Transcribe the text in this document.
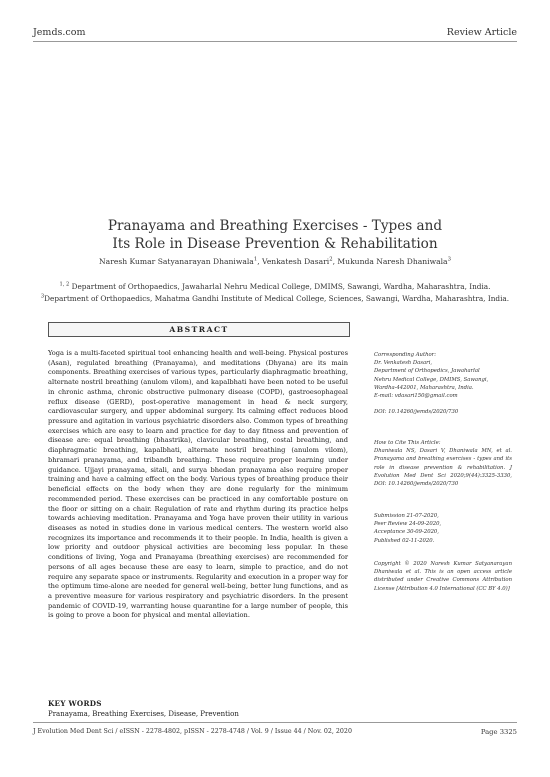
Jemds.com	Review Article
Pranayama and Breathing Exercises - Types and
Its Role in Disease Prevention & Rehabilitation
Naresh Kumar Satyanarayan Dhaniwala$^1$, Venkatesh Dasari$^2$, Mukunda Naresh Dhaniwala$^3$
$^{1, 2}$ Department of Orthopaedics, Jawaharlal Nehru Medical College, DMIMS, Sawangi, Wardha, Maharashtra, India.
$^3$Department of Orthopaedics, Mahatma Gandhi Institute of Medical College, Sciences, Sawangi, Wardha, Maharashtra, India.
ABSTRACT
Yoga is a multi-faceted spiritual tool enhancing health and well-being. Physical postures (Asan), regulated breathing (Pranayama), and meditations (Dhyana) are its main components. Breathing exercises of various types, particularly diaphragmatic breathing, alternate nostril breathing (anulom vilom), and kapalbhati have been noted to be useful in chronic asthma, chronic obstructive pulmonary disease (COPD), gastroesophageal reflux disease (GERD), post-operative management in head & neck surgery, cardiovascular surgery, and upper abdominal surgery. Its calming effect reduces blood pressure and agitation in various psychiatric disorders also. Common types of breathing exercises which are easy to learn and practice for day to day fitness and prevention of disease are: equal breathing (bhastrika), clavicular breathing, costal breathing, and diaphragmatic breathing, kapalbhati, alternate nostril breathing (anulom vilom), bhramari pranayama, and tribandh breathing. These require proper learning under guidance. Ujjayi pranayama, sitali, and surya bhedan pranayama also require proper training and have a calming effect on the body. Various types of breathing produce their beneficial effects on the body when they are done regularly for the minimum recommended period. These exercises can be practiced in any comfortable posture on the floor or sitting on a chair. Regulation of rate and rhythm during its practice helps towards achieving meditation. Pranayama and Yoga have proven their utility in various diseases as noted in studies done in various medical centers. The western world also recognizes its importance and recommends it to their people. In India, health is given a low priority and outdoor physical activities are becoming less popular. In these conditions of living, Yoga and Pranayama (breathing exercises) are recommended for persons of all ages because these are easy to learn, simple to practice, and do not require any separate space or instruments. Regularity and execution in a proper way for the optimum time-alone are needed for general well-being, better lung functions, and as a preventive measure for various respiratory and psychiatric disorders. In the present pandemic of COVID-19, warranting house quarantine for a large number of people, this is going to prove a boon for physical and mental alleviation.
KEY WORDS
Pranayama, Breathing Exercises, Disease, Prevention

Corresponding Author:

Dr. Venkatesh Dasari,

Department of Orthopedics, Jawaharlal

Nehru Medical College, DMIMS, Sawangi,

Wardha-442001, Maharashtra, India.

E-mail: vdasari150@gmail.com

DOI: 10.14260/jemds/2020/730

How to Cite This Article:

Dhaniwala NS, Dasari V, Dhaniwala MN, et al. Pranayama and breathing exercises - types and its role in disease prevention & rehabilitation. J Evolution Med Dent Sci 2020;9(44):3325-3330, DOI: 10.14260/jemds/2020/730

Submission 21-07-2020,

Peer Review 24-09-2020,

Acceptance 30-09-2020,

Published 02-11-2020.

Copyright © 2020 Naresh Kumar Satyanarayan Dhaniwala et al. This is an open access article distributed under Creative Commons Attribution License [Attribution 4.0 International (CC BY 4.0)]

J Evolution Med Dent Sci / eISSN - 2278-4802, pISSN - 2278-4748 / Vol. 9 / Issue 44 / Nov. 02, 2020	Page 3325
